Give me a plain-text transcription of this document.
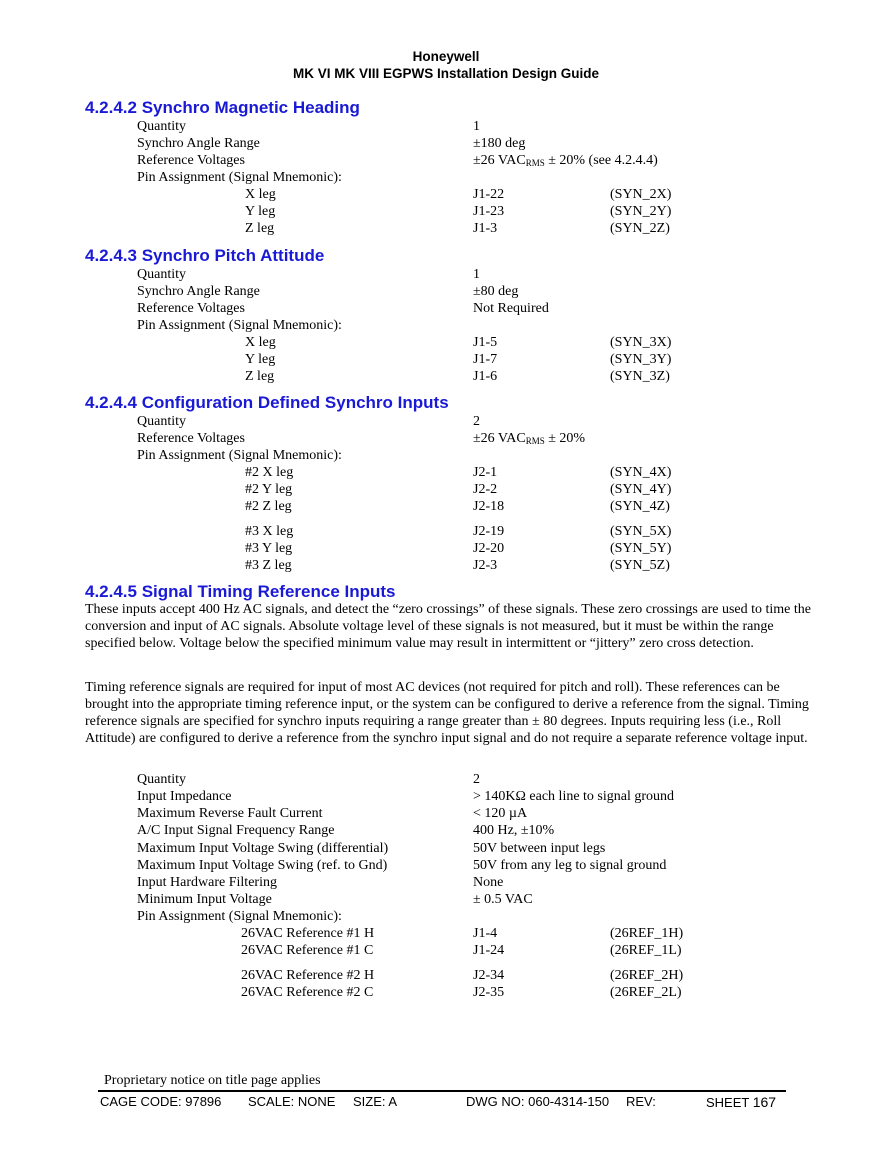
Honeywell
MK VI MK VIII EGPWS Installation Design Guide
4.2.4.2 Synchro Magnetic Heading
Quantity	1
Synchro Angle Range	±180 deg
Reference Voltages	±26 $VAC_{RMS} \pm 20\%$ (see 4.2.4.4)
Pin Assignment (Signal Mnemonic):
X leg	J1-22	(SYN_2X)
Y leg	J1-23	(SYN_2Y)
Z leg	J1-3	(SYN_2Z)
4.2.4.3 Synchro Pitch Attitude
Quantity	1
Synchro Angle Range	±80 deg
Reference Voltages	Not Required
Pin Assignment (Signal Mnemonic):
X leg	J1-5	(SYN_3X)
Y leg	J1-7	(SYN_3Y)
Z leg	J1-6	(SYN_3Z)
4.2.4.4 Configuration Defined Synchro Inputs
Quantity	2
Reference Voltages	±26 $VAC_{RMS} \pm 20\%$
Pin Assignment (Signal Mnemonic):
#2 X leg	J2-1	(SYN_4X)
#2 Y leg	J2-2	(SYN_4Y)
#2 Z leg	J2-18	(SYN_4Z)
#3 X leg	J2-19	(SYN_5X)
#3 Y leg	J2-20	(SYN_5Y)
#3 Z leg	J2-3	(SYN_5Z)
4.2.4.5 Signal Timing Reference Inputs
These inputs accept 400 Hz AC signals, and detect the “zero crossings” of these signals. These zero crossings are used to time the conversion and input of AC signals. Absolute voltage level of these signals is not measured, but it must be within the range specified below. Voltage below the specified minimum value may result in intermittent or “jittery” zero cross detection.
Timing reference signals are required for input of most AC devices (not required for pitch and roll). These references can be brought into the appropriate timing reference input, or the system can be configured to derive a reference from the signal. Timing reference signals are specified for synchro inputs requiring a range greater than ± 80 degrees. Inputs requiring less (i.e., Roll Attitude) are configured to derive a reference from the synchro input signal and do not require a separate reference voltage input.
Quantity	2
Input Impedance	> 140KΩ each line to signal ground
Maximum Reverse Fault Current	< 120 µA
A/C Input Signal Frequency Range	400 Hz, ±10%
Maximum Input Voltage Swing (differential)	50V between input legs
Maximum Input Voltage Swing (ref. to Gnd)	50V from any leg to signal ground
Input Hardware Filtering	None
Minimum Input Voltage	± 0.5 VAC
Pin Assignment (Signal Mnemonic):
26VAC Reference #1 H	J1-4	(26REF_1H)
26VAC Reference #1 C	J1-24	(26REF_1L)
26VAC Reference #2 H	J2-34	(26REF_2H)
26VAC Reference #2 C	J2-35	(26REF_2L)
Proprietary notice on title page applies
CAGE CODE: 97896 SCALE: NONE SIZE: A	DWG NO: 060-4314-150 REV:	SHEET 167
